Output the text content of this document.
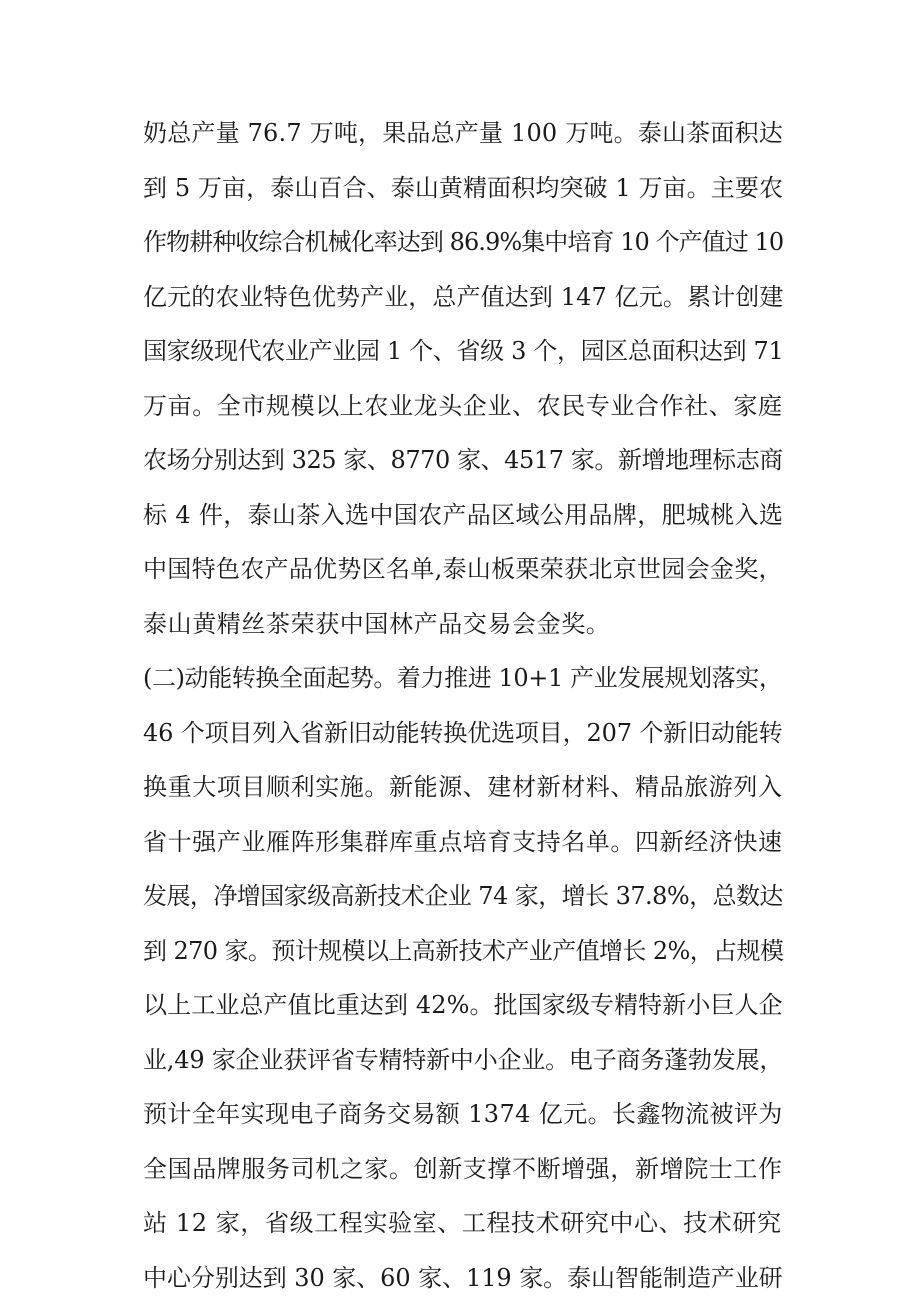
奶总产量 76.7 万吨，果品总产量 100 万吨。泰山茶面积达
到 5 万亩，泰山百合、泰山黄精面积均突破 1 万亩。主要农
作物耕种收综合机械化率达到 86.9%集中培育 10 个产值过 10
亿元的农业特色优势产业，总产值达到 147 亿元。累计创建
国家级现代农业产业园 1 个、省级 3 个，园区总面积达到 71
万亩。全市规模以上农业龙头企业、农民专业合作社、家庭
农场分别达到 325 家、8770 家、4517 家。新增地理标志商
标 4 件，泰山茶入选中国农产品区域公用品牌，肥城桃入选
中国特色农产品优势区名单,泰山板栗荣获北京世园会金奖，
泰山黄精丝茶荣获中国林产品交易会金奖。
(二)动能转换全面起势。着力推进 10+1 产业发展规划落实，
46 个项目列入省新旧动能转换优选项目，207 个新旧动能转
换重大项目顺利实施。新能源、建材新材料、精品旅游列入
省十强产业雁阵形集群库重点培育支持名单。四新经济快速
发展，净增国家级高新技术企业 74 家，增长 37.8%，总数达
到 270 家。预计规模以上高新技术产业产值增长 2%，占规模
以上工业总产值比重达到 42%。批国家级专精特新小巨人企
业,49 家企业获评省专精特新中小企业。电子商务蓬勃发展，
预计全年实现电子商务交易额 1374 亿元。长鑫物流被评为
全国品牌服务司机之家。创新支撑不断增强，新增院士工作
站 12 家，省级工程实验室、工程技术研究中心、技术研究
中心分别达到 30 家、60 家、119 家。泰山智能制造产业研
